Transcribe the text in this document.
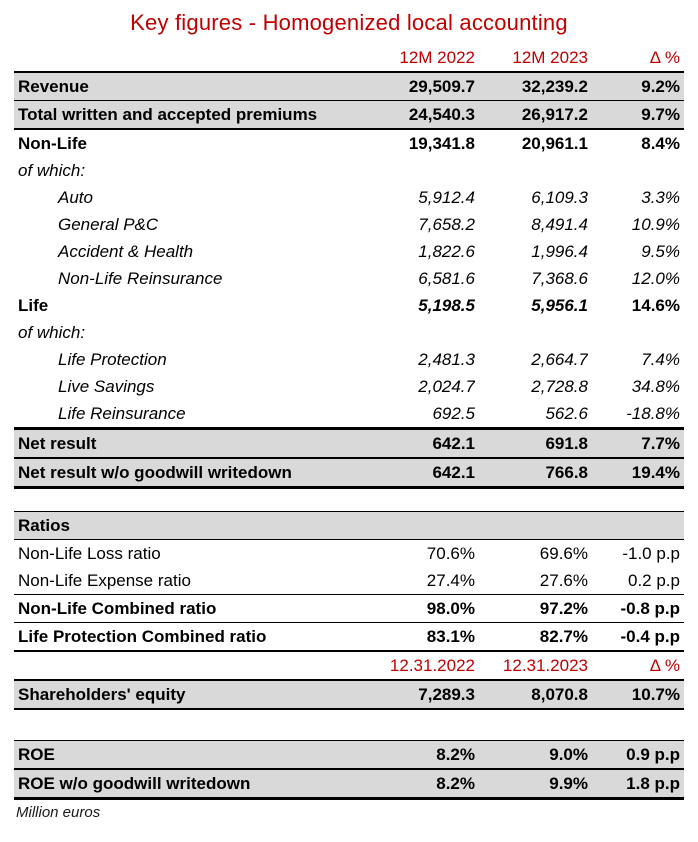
Key figures - Homogenized local accounting
12M 2022	12M 2023	Δ %
Revenue	29,509.7	32,239.2	9.2%
Total written and accepted premiums	24,540.3	26,917.2	9.7%
Non-Life	19,341.8	20,961.1	8.4%
of which:
Auto	5,912.4	6,109.3	3.3%
General P&C	7,658.2	8,491.4	10.9%
Accident & Health	1,822.6	1,996.4	9.5%
Non-Life Reinsurance	6,581.6	7,368.6	12.0%
Life	5,198.5	5,956.1	14.6%
of which:
Life Protection	2,481.3	2,664.7	7.4%
Live Savings	2,024.7	2,728.8	34.8%
Life Reinsurance	692.5	562.6	-18.8%
Net result	642.1	691.8	7.7%
Net result w/o goodwill writedown	642.1	766.8	19.4%
Ratios
Non-Life Loss ratio	70.6%	69.6%	-1.0 p.p
Non-Life Expense ratio	27.4%	27.6%	0.2 p.p
Non-Life Combined ratio	98.0%	97.2%	-0.8 p.p
Life Protection Combined ratio	83.1%	82.7%	-0.4 p.p
12.31.2022	12.31.2023	Δ %
Shareholders' equity	7,289.3	8,070.8	10.7%
ROE	8.2%	9.0%	0.9 p.p
ROE w/o goodwill writedown	8.2%	9.9%	1.8 p.p
Million euros
